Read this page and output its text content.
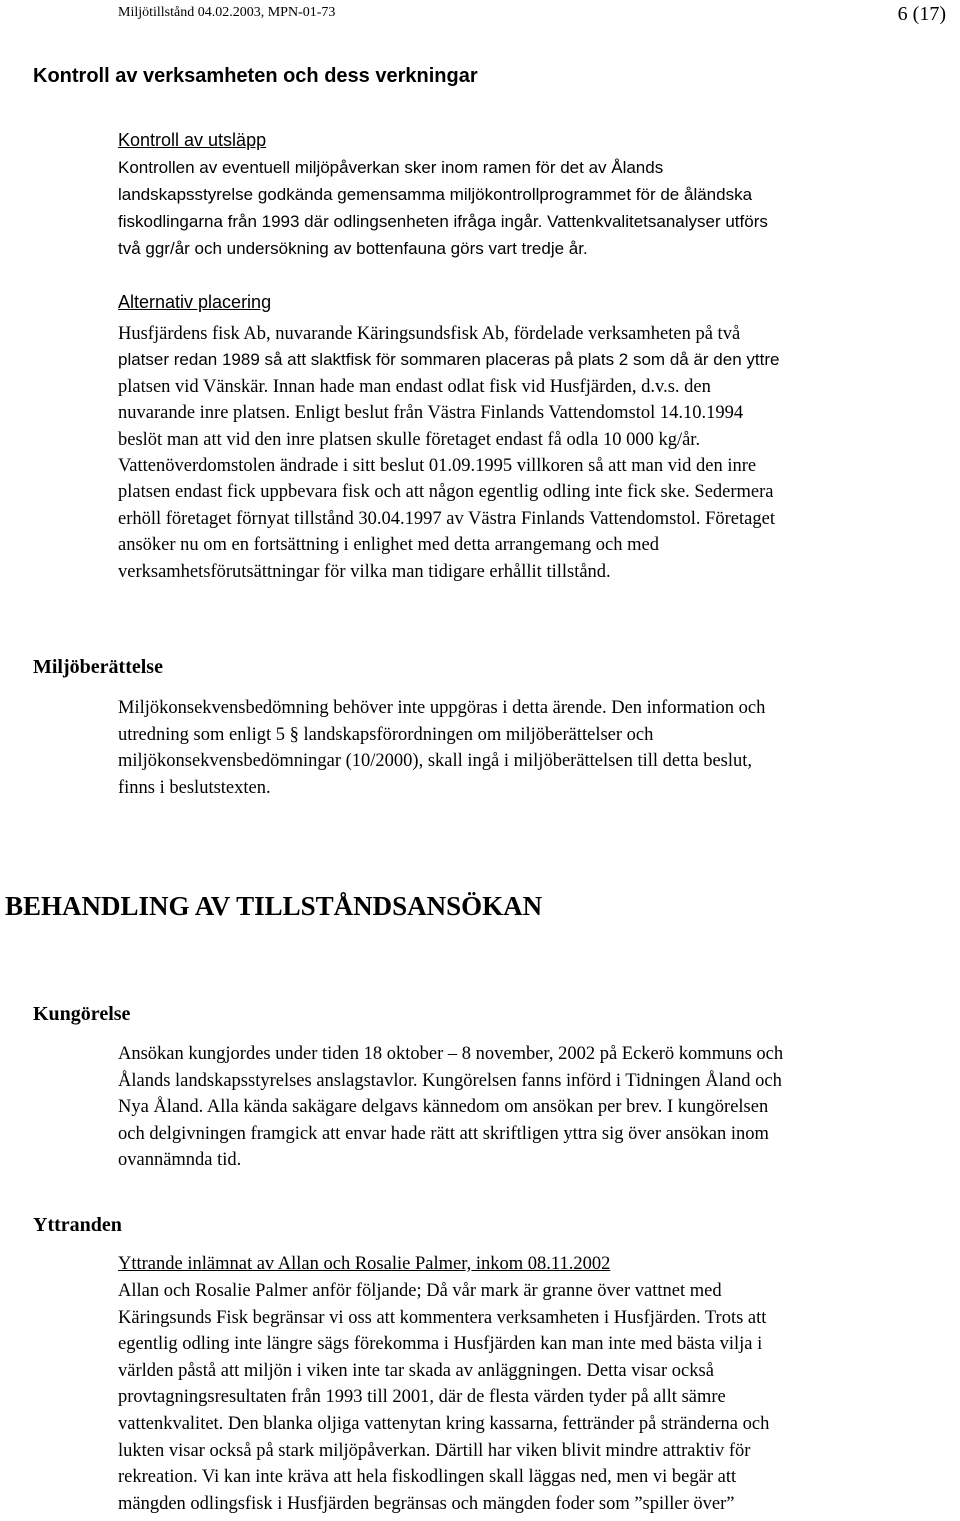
Miljötillstånd 04.02.2003, MPN-01-73	6 (17)
Kontroll av verksamheten och dess verkningar
Kontroll av utsläpp
Kontrollen av eventuell miljöpåverkan sker inom ramen för det av Ålands
landskapsstyrelse godkända gemensamma miljökontrollprogrammet för de åländska
fiskodlingarna från 1993 där odlingsenheten ifråga ingår. Vattenkvalitetsanalyser utförs
två ggr/år och undersökning av bottenfauna görs vart tredje år.
Alternativ placering
Husfjärdens fisk Ab, nuvarande Käringsundsfisk Ab, fördelade verksamheten på två
platser redan 1989 så att slaktfisk för sommaren placeras på plats 2 som då är den yttre
platsen vid Vänskär. Innan hade man endast odlat fisk vid Husfjärden, d.v.s. den
nuvarande inre platsen. Enligt beslut från Västra Finlands Vattendomstol 14.10.1994
beslöt man att vid den inre platsen skulle företaget endast få odla 10 000 kg/år.
Vattenöverdomstolen ändrade i sitt beslut 01.09.1995 villkoren så att man vid den inre
platsen endast fick uppbevara fisk och att någon egentlig odling inte fick ske. Sedermera
erhöll företaget förnyat tillstånd 30.04.1997 av Västra Finlands Vattendomstol. Företaget
ansöker nu om en fortsättning i enlighet med detta arrangemang och med
verksamhetsförutsättningar för vilka man tidigare erhållit tillstånd.
Miljöberättelse
Miljökonsekvensbedömning behöver inte uppgöras i detta ärende. Den information och
utredning som enligt 5 § landskapsförordningen om miljöberättelser och
miljökonsekvensbedömningar (10/2000), skall ingå i miljöberättelsen till detta beslut,
finns i beslutstexten.
BEHANDLING AV TILLSTÅNDSANSÖKAN
Kungörelse
Ansökan kungjordes under tiden 18 oktober – 8 november, 2002 på Eckerö kommuns och
Ålands landskapsstyrelses anslagstavlor. Kungörelsen fanns införd i Tidningen Åland och
Nya Åland. Alla kända sakägare delgavs kännedom om ansökan per brev. I kungörelsen
och delgivningen framgick att envar hade rätt att skriftligen yttra sig över ansökan inom
ovannämnda tid.
Yttranden
Yttrande inlämnat av Allan och Rosalie Palmer, inkom 08.11.2002
Allan och Rosalie Palmer anför följande; Då vår mark är granne över vattnet med
Käringsunds Fisk begränsar vi oss att kommentera verksamheten i Husfjärden. Trots att
egentlig odling inte längre sägs förekomma i Husfjärden kan man inte med bästa vilja i
världen påstå att miljön i viken inte tar skada av anläggningen. Detta visar också
provtagningsresultaten från 1993 till 2001, där de flesta värden tyder på allt sämre
vattenkvalitet. Den blanka oljiga vattenytan kring kassarna, fettränder på stränderna och
lukten visar också på stark miljöpåverkan. Därtill har viken blivit mindre attraktiv för
rekreation. Vi kan inte kräva att hela fiskodlingen skall läggas ned, men vi begär att
mängden odlingsfisk i Husfjärden begränsas och mängden foder som ”spiller över”
